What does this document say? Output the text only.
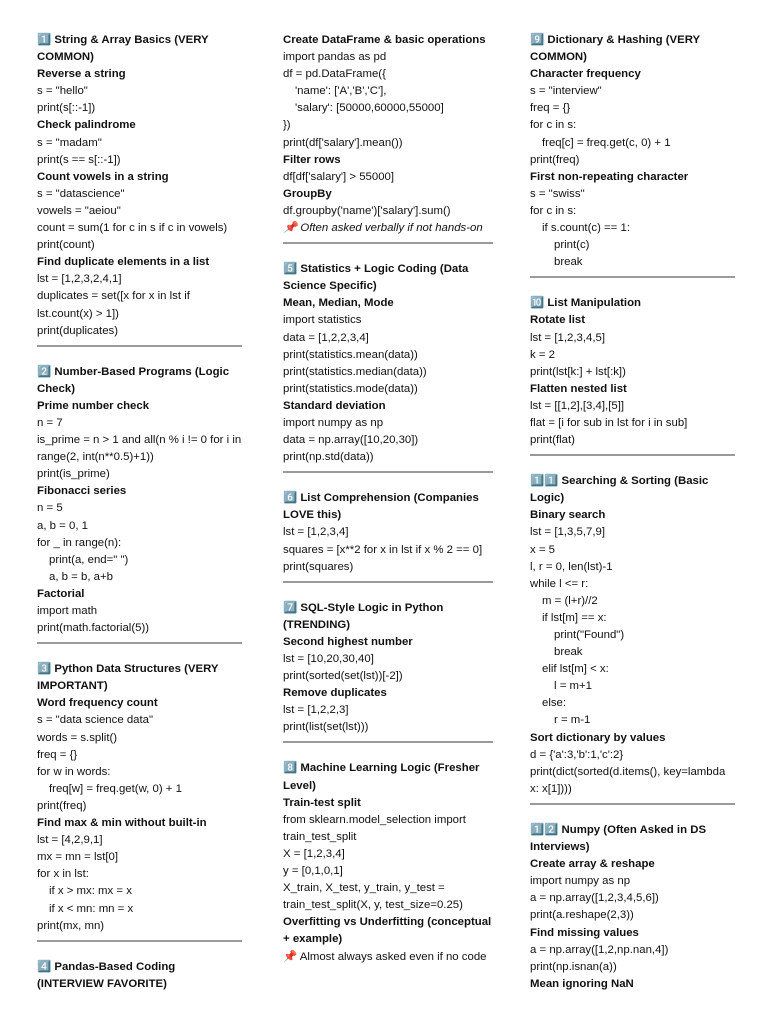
1️⃣ String & Array Basics (VERY COMMON)
Reverse a string
s = "hello"
print(s[::-1])
Check palindrome
s = "madam"
print(s == s[::-1])
Count vowels in a string
s = "datascience"
vowels = "aeiou"
count = sum(1 for c in s if c in vowels)
print(count)
Find duplicate elements in a list
lst = [1,2,3,2,4,1]
duplicates = set([x for x in lst if lst.count(x) > 1])
print(duplicates)
2️⃣ Number-Based Programs (Logic Check)
Prime number check
n = 7
is_prime = n > 1 and all(n % i != 0 for i in range(2, int(n**0.5)+1))
print(is_prime)
Fibonacci series
n = 5
a, b = 0, 1
for _ in range(n):
print(a, end=" ")
a, b = b, a+b
Factorial
import math
print(math.factorial(5))
3️⃣ Python Data Structures (VERY IMPORTANT)
Word frequency count
s = "data science data"
words = s.split()
freq = {}
for w in words:
freq[w] = freq.get(w, 0) + 1
print(freq)
Find max & min without built-in
lst = [4,2,9,1]
mx = mn = lst[0]
for x in lst:
if x > mx: mx = x
if x < mn: mn = x
print(mx, mn)
4️⃣ Pandas-Based Coding (INTERVIEW FAVORITE)
Create DataFrame & basic operations
import pandas as pd
df = pd.DataFrame({
'name': ['A','B','C'],
'salary': [50000,60000,55000]
})
print(df['salary'].mean())
Filter rows
df[df['salary'] > 55000]
GroupBy
df.groupby('name')['salary'].sum()
📌 Often asked verbally if not hands-on
5️⃣ Statistics + Logic Coding (Data Science Specific)
Mean, Median, Mode
import statistics
data = [1,2,2,3,4]
print(statistics.mean(data))
print(statistics.median(data))
print(statistics.mode(data))
Standard deviation
import numpy as np
data = np.array([10,20,30])
print(np.std(data))
6️⃣ List Comprehension (Companies LOVE this)
lst = [1,2,3,4]
squares = [x**2 for x in lst if x % 2 == 0]
print(squares)
7️⃣ SQL-Style Logic in Python (TRENDING)
Second highest number
lst = [10,20,30,40]
print(sorted(set(lst))[-2])
Remove duplicates
lst = [1,2,2,3]
print(list(set(lst)))
8️⃣ Machine Learning Logic (Fresher Level)
Train-test split
from sklearn.model_selection import train_test_split
X = [1,2,3,4]
y = [0,1,0,1]
X_train, X_test, y_train, y_test = train_test_split(X, y, test_size=0.25)
Overfitting vs Underfitting (conceptual + example)
📌 Almost always asked even if no code
9️⃣ Dictionary & Hashing (VERY COMMON)
Character frequency
s = "interview"
freq = {}
for c in s:
freq[c] = freq.get(c, 0) + 1
print(freq)
First non-repeating character
s = "swiss"
for c in s:
if s.count(c) == 1:
print(c)
break
🔟 List Manipulation
Rotate list
lst = [1,2,3,4,5]
k = 2
print(lst[k:] + lst[:k])
Flatten nested list
lst = [[1,2],[3,4],[5]]
flat = [i for sub in lst for i in sub]
print(flat)
1️⃣1️⃣ Searching & Sorting (Basic Logic)
Binary search
lst = [1,3,5,7,9]
x = 5
l, r = 0, len(lst)-1
while l <= r:
m = (l+r)//2
if lst[m] == x:
print("Found")
break
elif lst[m] < x:
l = m+1
else:
r = m-1
Sort dictionary by values
d = {'a':3,'b':1,'c':2}
print(dict(sorted(d.items(), key=lambda x: x[1])))
1️⃣2️⃣ Numpy (Often Asked in DS Interviews)
Create array & reshape
import numpy as np
a = np.array([1,2,3,4,5,6])
print(a.reshape(2,3))
Find missing values
a = np.array([1,2,np.nan,4])
print(np.isnan(a))
Mean ignoring NaN
